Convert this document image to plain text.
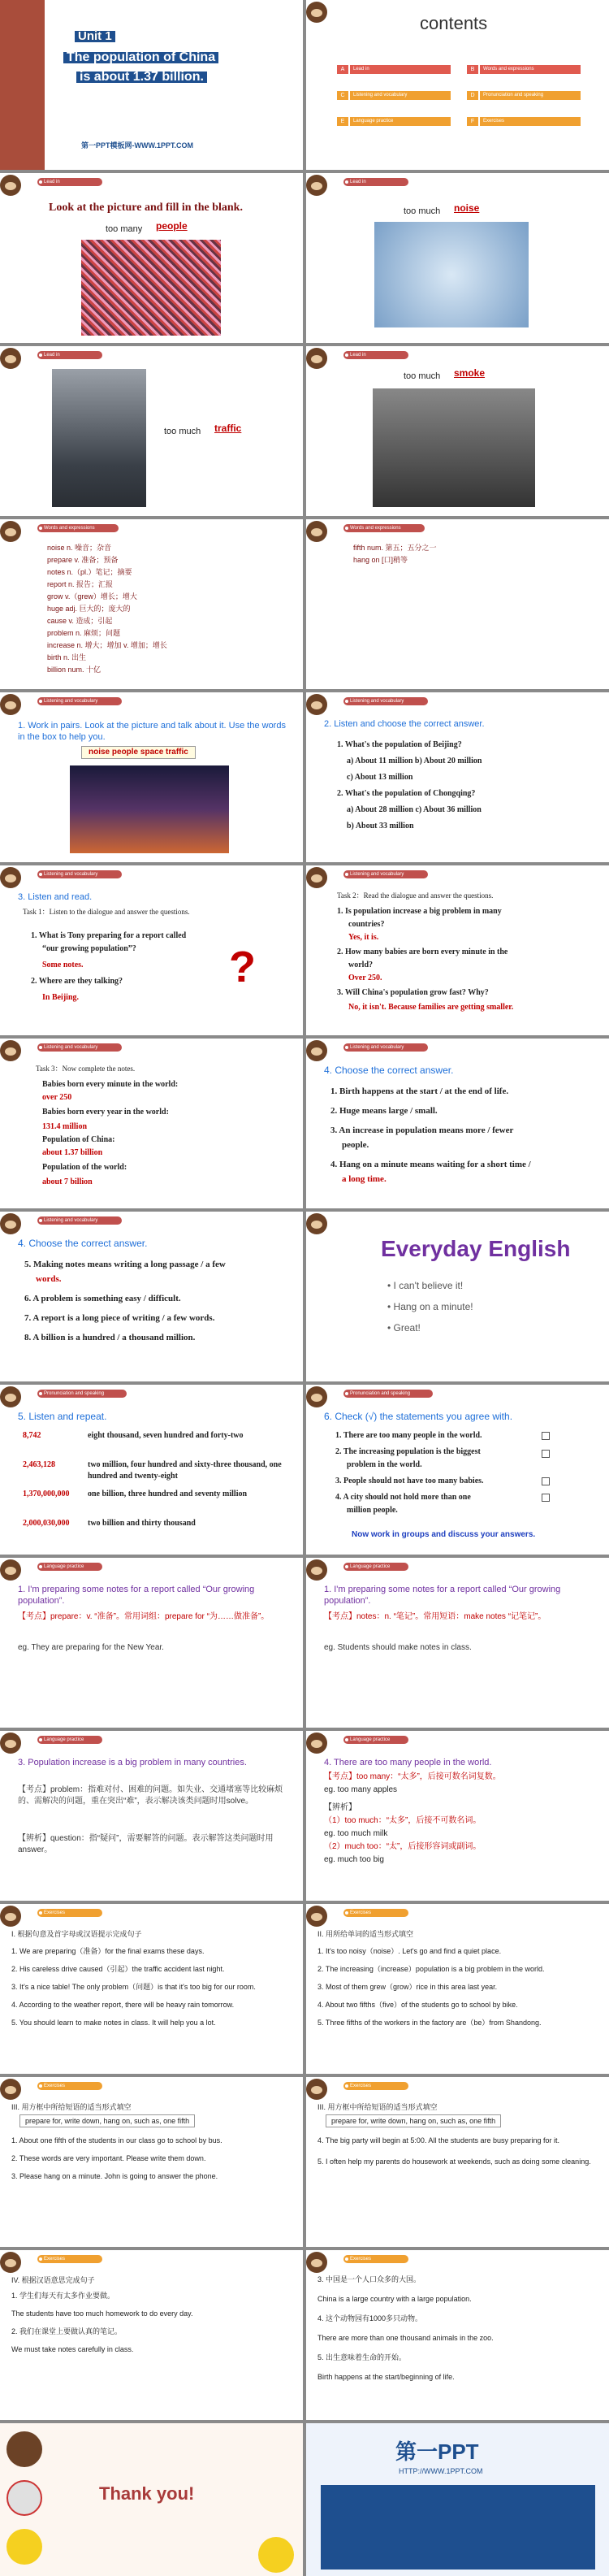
Unit 1
The population of China
is about 1.37 billion.
第一PPT模板网-WWW.1PPT.COM
contents
A	Lead in	B	Words and expressions
C	Listening and vocabulary	D	Pronunciation and speaking
E	Language practice	F	Exercises
Lead in
Look at the picture and fill in the blank.
too many people
Lead in
too much noise
Lead in
too much traffic
Lead in
too much smoke
Words and expressions
noise n. 噪音；杂音
prepare v. 准备；预备
notes n.（pl.）笔记；摘要
report n. 报告；汇报
grow v.（grew）增长；增大
huge adj. 巨大的；庞大的
cause v. 造成；引起
problem n. 麻烦；问题
increase n. 增大；增加 v. 增加；增长
birth n. 出生
billion num. 十亿
Words and expressions
fifth num. 第五；五分之一
hang on [口]稍等
Listening and vocabulary
1. Work in pairs. Look at the picture and talk about it. Use the words in the box to help you.
noise people space traffic
Listening and vocabulary
2. Listen and choose the correct answer.
1. What's the population of Beijing?
a) About 11 million b) About 20 million
c) About 13 million
2. What's the population of Chongqing?
a) About 28 million c) About 36 million
b) About 33 million
Listening and vocabulary
3. Listen and read.
Task 1：Listen to the dialogue and answer the questions.
1. What is Tony preparing for a report called
“our growing population”?
Some notes.
2. Where are they talking?
In Beijing.
?
Listening and vocabulary
Task 2：Read the dialogue and answer the questions.
1. Is population increase a big problem in many
countries?
Yes, it is.
2. How many babies are born every minute in the
world?
Over 250.
3. Will China's population grow fast? Why?
No, it isn't. Because families are getting smaller.
Listening and vocabulary
Task 3：Now complete the notes.
Babies born every minute in the world:
over 250
Babies born every year in the world:
131.4 million
Population of China:
about 1.37 billion
Population of the world:
about 7 billion
Listening and vocabulary
4. Choose the correct answer.
1. Birth happens at the start / at the end of life.
2. Huge means large / small.
3. An increase in population means more / fewer
people.
4. Hang on a minute means waiting for a short time /
a long time.
Listening and vocabulary
4. Choose the correct answer.
5. Making notes means writing a long passage / a few
words.
6. A problem is something easy / difficult.
7. A report is a long piece of writing / a few words.
8. A billion is a hundred / a thousand million.
Everyday English
• I can't believe it!
• Hang on a minute!
• Great!
Pronunciation and speaking
5. Listen and repeat.
8,742	eight thousand, seven hundred and forty-two
2,463,128	two million, four hundred and sixty-three thousand, one hundred and twenty-eight
1,370,000,000 one billion, three hundred and seventy million
2,000,030,000 two billion and thirty thousand
Pronunciation and speaking
6. Check (√) the statements you agree with.
1. There are too many people in the world.
2. The increasing population is the biggest
problem in the world.
3. People should not have too many babies.
4. A city should not hold more than one
million people.
Now work in groups and discuss your answers.
Language practice
1. I'm preparing some notes for a report called “Our growing population”.
【考点】prepare：v. “准备”。常用词组：prepare for “为……做准备”。
eg. They are preparing for the New Year.
Language practice
1. I'm preparing some notes for a report called “Our growing population”.
【考点】notes：n. “笔记”。常用短语：make notes “记笔记”。
eg. Students should make notes in class.
Language practice
3. Population increase is a big problem in many countries.
【考点】problem：指难对付、困难的问题。如失业、交通堵塞等比较麻烦的、需解决的问题，重在突出“难”，表示解决该类问题时用solve。
【辨析】question：指“疑问”，需要解答的问题。表示解答这类问题时用answer。
Language practice
4. There are too many people in the world.
【考点】too many：“太多”，后接可数名词复数。
eg. too many apples
【辨析】
（1）too much：“太多”，后接不可数名词。
eg. too much milk
（2）much too：“太”，后接形容词或副词。
eg. much too big
Exercises
I. 根据句意及首字母或汉语提示完成句子
1. We are preparing（准备）for the final exams these days.
2. His careless drive caused（引起）the traffic accident last night.
3. It's a nice table! The only problem（问题）is that it's too big for our room.
4. According to the weather report, there will be heavy rain tomorrow.
5. You should learn to make notes in class. It will help you a lot.
Exercises
II. 用所给单词的适当形式填空
1. It's too noisy（noise）. Let's go and find a quiet place.
2. The increasing（increase）population is a big problem in the world.
3. Most of them grew（grow）rice in this area last year.
4. About two fifths（five）of the students go to school by bike.
5. Three fifths of the workers in the factory are（be）from Shandong.
Exercises
III. 用方框中所给短语的适当形式填空
prepare for, write down, hang on, such as, one fifth
1. About one fifth of the students in our class go to school by bus.
2. These words are very important. Please write them down.
3. Please hang on a minute. John is going to answer the phone.
Exercises
III. 用方框中所给短语的适当形式填空
prepare for, write down, hang on, such as, one fifth
4. The big party will begin at 5:00. All the students are busy preparing for it.
5. I often help my parents do housework at weekends, such as doing some cleaning.
Exercises
IV. 根据汉语意思完成句子
1. 学生们每天有太多作业要做。
The students have too much homework to do every day.
2. 我们在课堂上要做认真的笔记。
We must take notes carefully in class.
Exercises
3. 中国是一个人口众多的大国。
China is a large country with a large population.
4. 这个动物园有1000多只动物。
There are more than one thousand animals in the zoo.
5. 出生意味着生命的开始。
Birth happens at the start/beginning of life.
Thank you!
第一PPT
HTTP://WWW.1PPT.COM
